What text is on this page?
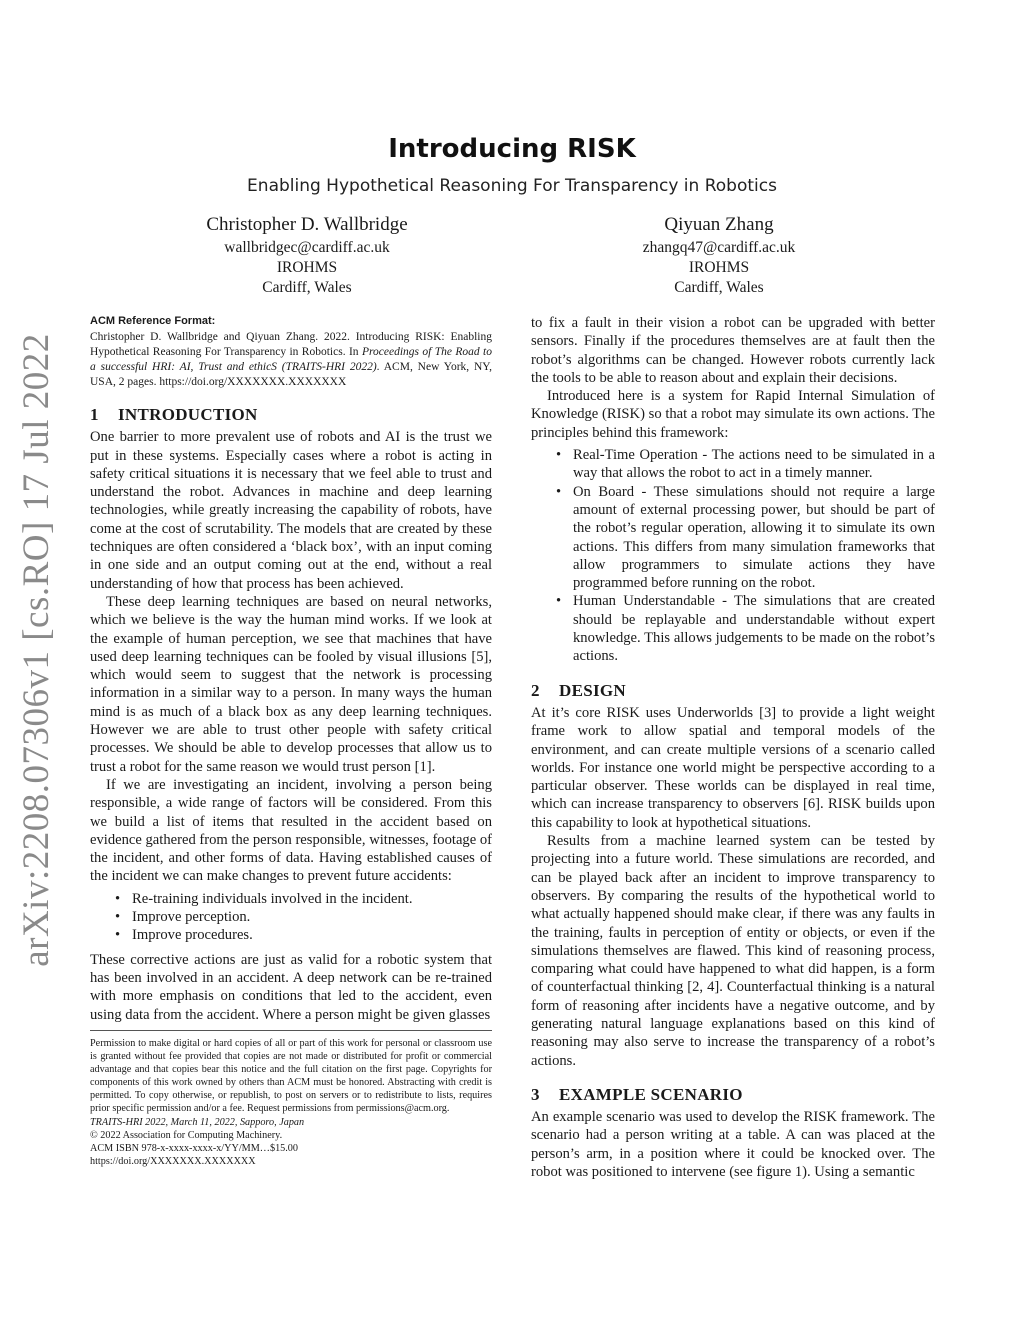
arXiv:2208.07306v1 [cs.RO] 17 Jul 2022
Introducing RISK
Enabling Hypothetical Reasoning For Transparency in Robotics
Christopher D. Wallbridge
wallbridgec@cardiff.ac.uk
IROHMS
Cardiff, Wales
Qiyuan Zhang
zhangq47@cardiff.ac.uk
IROHMS
Cardiff, Wales
ACM Reference Format:

Christopher D. Wallbridge and Qiyuan Zhang. 2022. Introducing RISK: Enabling Hypothetical Reasoning For Transparency in Robotics. In Proceedings of The Road to a successful HRI: AI, Trust and ethicS (TRAITS-HRI 2022). ACM, New York, NY, USA, 2 pages. https://doi.org/XXXXXXX.XXXXXXX

1 INTRODUCTION

One barrier to more prevalent use of robots and AI is the trust we put in these systems. Especially cases where a robot is acting in safety critical situations it is necessary that we feel able to trust and understand the robot. Advances in machine and deep learning technologies, while greatly increasing the capability of robots, have come at the cost of scrutability. The models that are created by these techniques are often considered a ‘black box’, with an input coming in one side and an output coming out at the end, without a real understanding of how that process has been achieved.

These deep learning techniques are based on neural networks, which we believe is the way the human mind works. If we look at the example of human perception, we see that machines that have used deep learning techniques can be fooled by visual illusions [5], which would seem to suggest that the network is processing information in a similar way to a person. In many ways the human mind is as much of a black box as any deep learning techniques. However we are able to trust other people with safety critical processes. We should be able to develop processes that allow us to trust a robot for the same reason we would trust person [1].

If we are investigating an incident, involving a person being responsible, a wide range of factors will be considered. From this we build a list of items that resulted in the accident based on evidence gathered from the person responsible, witnesses, footage of the incident, and other forms of data. Having established causes of the incident we can make changes to prevent future accidents:

• Re-training individuals involved in the incident.
• Improve perception.
• Improve procedures.

These corrective actions are just as valid for a robotic system that has been involved in an accident. A deep network can be re-trained with more emphasis on conditions that led to the accident, even using data from the accident. Where a person might be given glasses

Permission to make digital or hard copies of all or part of this work for personal or classroom use is granted without fee provided that copies are not made or distributed for profit or commercial advantage and that copies bear this notice and the full citation on the first page. Copyrights for components of this work owned by others than ACM must be honored. Abstracting with credit is permitted. To copy otherwise, or republish, to post on servers or to redistribute to lists, requires prior specific permission and/or a fee. Request permissions from permissions@acm.org.

TRAITS-HRI 2022, March 11, 2022, Sapporo, Japan

© 2022 Association for Computing Machinery.

ACM ISBN 978-x-xxxx-xxxx-x/YY/MM…$15.00

https://doi.org/XXXXXXX.XXXXXXX

to fix a fault in their vision a robot can be upgraded with better sensors. Finally if the procedures themselves are at fault then the robot’s algorithms can be changed. However robots currently lack the tools to be able to reason about and explain their decisions.

Introduced here is a system for Rapid Internal Simulation of Knowledge (RISK) so that a robot may simulate its own actions. The principles behind this framework:

• Real-Time Operation - The actions need to be simulated in a way that allows the robot to act in a timely manner.
• On Board - These simulations should not require a large amount of external processing power, but should be part of the robot’s regular operation, allowing it to simulate its own actions. This differs from many simulation frameworks that allow programmers to simulate actions they have programmed before running on the robot.
• Human Understandable - The simulations that are created should be replayable and understandable without expert knowledge. This allows judgements to be made on the robot’s actions.
2 DESIGN

At it’s core RISK uses Underworlds [3] to provide a light weight frame work to allow spatial and temporal models of the environment, and can create multiple versions of a scenario called worlds. For instance one world might be perspective according to a particular observer. These worlds can be displayed in real time, which can increase transparency to observers [6]. RISK builds upon this capability to look at hypothetical situations.

Results from a machine learned system can be tested by projecting into a future world. These simulations are recorded, and can be played back after an incident to improve transparency to observers. By comparing the results of the hypothetical world to what actually happened should make clear, if there was any faults in the training, faults in perception of entity or objects, or even if the simulations themselves are flawed. This kind of reasoning process, comparing what could have happened to what did happen, is a form of counterfactual thinking [2, 4]. Counterfactual thinking is a natural form of reasoning after incidents have a negative outcome, and by generating natural language explanations based on this kind of reasoning may also serve to increase the transparency of a robot’s actions.

3 EXAMPLE SCENARIO

An example scenario was used to develop the RISK framework. The scenario had a person writing at a table. A can was placed at the person’s arm, in a position where it could be knocked over. The robot was positioned to intervene (see figure 1). Using a semantic
